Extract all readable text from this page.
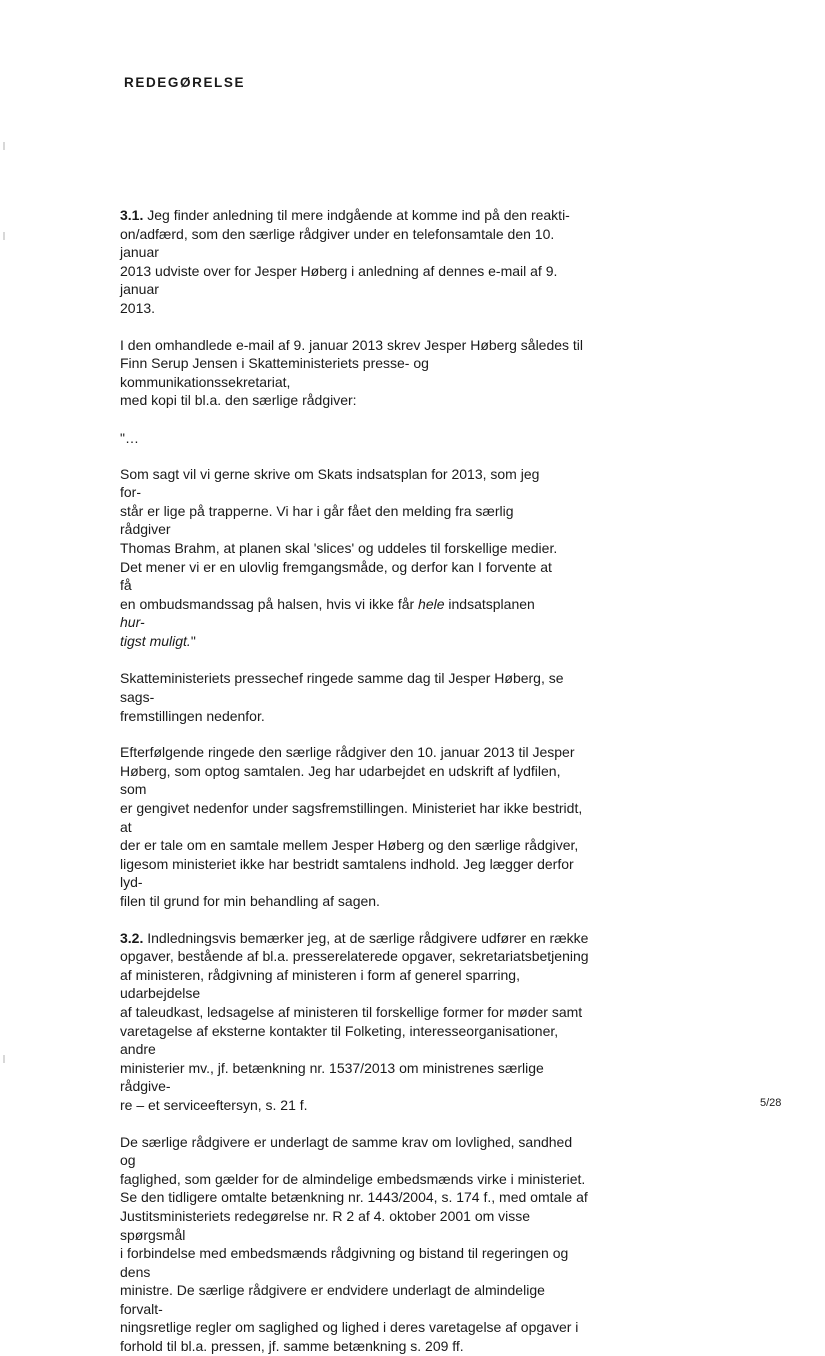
REDEGØRELSE

3.1. Jeg finder anledning til mere indgående at komme ind på den reakti-
on/adfærd, som den særlige rådgiver under en telefonsamtale den 10. januar
2013 udviste over for Jesper Høberg i anledning af dennes e-mail af 9. januar
2013.

I den omhandlede e-mail af 9. januar 2013 skrev Jesper Høberg således til
Finn Serup Jensen i Skatteministeriets presse- og kommunikationssekretariat,
med kopi til bl.a. den særlige rådgiver:

"…

Som sagt vil vi gerne skrive om Skats indsatsplan for 2013, som jeg for-
står er lige på trapperne. Vi har i går fået den melding fra særlig rådgiver
Thomas Brahm, at planen skal 'slices' og uddeles til forskellige medier.
Det mener vi er en ulovlig fremgangsmåde, og derfor kan I forvente at få
en ombudsmandssag på halsen, hvis vi ikke får hele indsatsplanen hur-
tigst muligt."

Skatteministeriets pressechef ringede samme dag til Jesper Høberg, se sags-
fremstillingen nedenfor.

Efterfølgende ringede den særlige rådgiver den 10. januar 2013 til Jesper
Høberg, som optog samtalen. Jeg har udarbejdet en udskrift af lydfilen, som
er gengivet nedenfor under sagsfremstillingen. Ministeriet har ikke bestridt, at
der er tale om en samtale mellem Jesper Høberg og den særlige rådgiver,
ligesom ministeriet ikke har bestridt samtalens indhold. Jeg lægger derfor lyd-
filen til grund for min behandling af sagen.

3.2. Indledningsvis bemærker jeg, at de særlige rådgivere udfører en række
opgaver, bestående af bl.a. presserelaterede opgaver, sekretariatsbetjening
af ministeren, rådgivning af ministeren i form af generel sparring, udarbejdelse
af taleudkast, ledsagelse af ministeren til forskellige former for møder samt
varetagelse af eksterne kontakter til Folketing, interesseorganisationer, andre
ministerier mv., jf. betænkning nr. 1537/2013 om ministrenes særlige rådgive-
re – et serviceeftersyn, s. 21 f.

De særlige rådgivere er underlagt de samme krav om lovlighed, sandhed og
faglighed, som gælder for de almindelige embedsmænds virke i ministeriet.
Se den tidligere omtalte betænkning nr. 1443/2004, s. 174 f., med omtale af
Justitsministeriets redegørelse nr. R 2 af 4. oktober 2001 om visse spørgsmål
i forbindelse med embedsmænds rådgivning og bistand til regeringen og dens
ministre. De særlige rådgivere er endvidere underlagt de almindelige forvalt-
ningsretlige regler om saglighed og lighed i deres varetagelse af opgaver i
forhold til bl.a. pressen, jf. samme betænkning s. 209 ff.

5/28
